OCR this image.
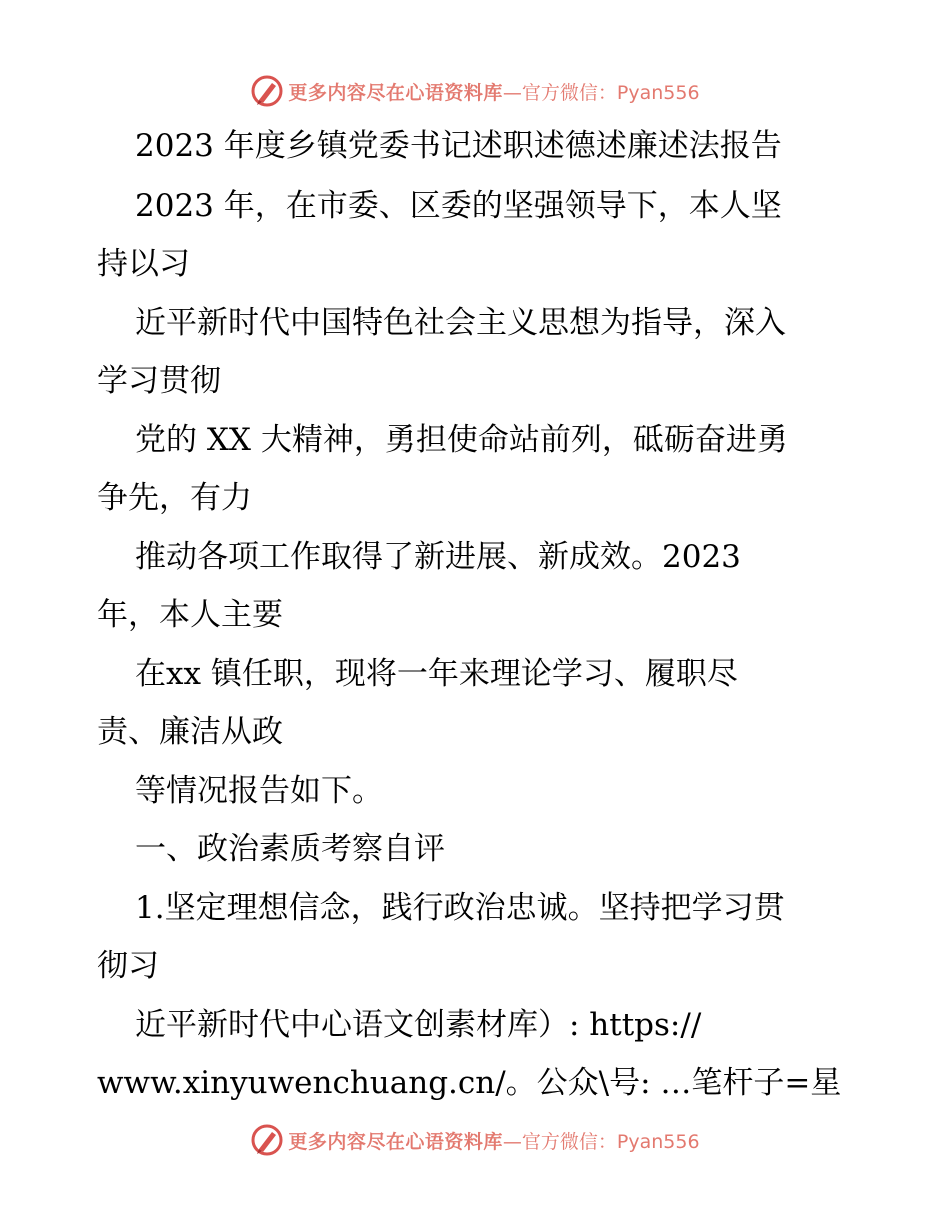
更多内容尽在心语资料库 —官方微信：Pyan556
2023 年度乡镇党委书记述职述德述廉述法报告
2023 年，在市委、区委的坚强领导下，本人坚
持以习
近平新时代中国特色社会主义思想为指导，深入
学习贯彻
党的 XX 大精神，勇担使命站前列，砥砺奋进勇
争先，有力
推动各项工作取得了新进展、新成效。2023
年，本人主要
在xx 镇任职，现将一年来理论学习、履职尽
责、廉洁从政
等情况报告如下。
一、政治素质考察自评
1.坚定理想信念，践行政治忠诚。坚持把学习贯
彻习
近平新时代中心语文创素材库）: https://
www.xinyuwenchuang.cn/。公众\号: …笔杆子=星
更多内容尽在心语资料库 —官方微信：Pyan556
